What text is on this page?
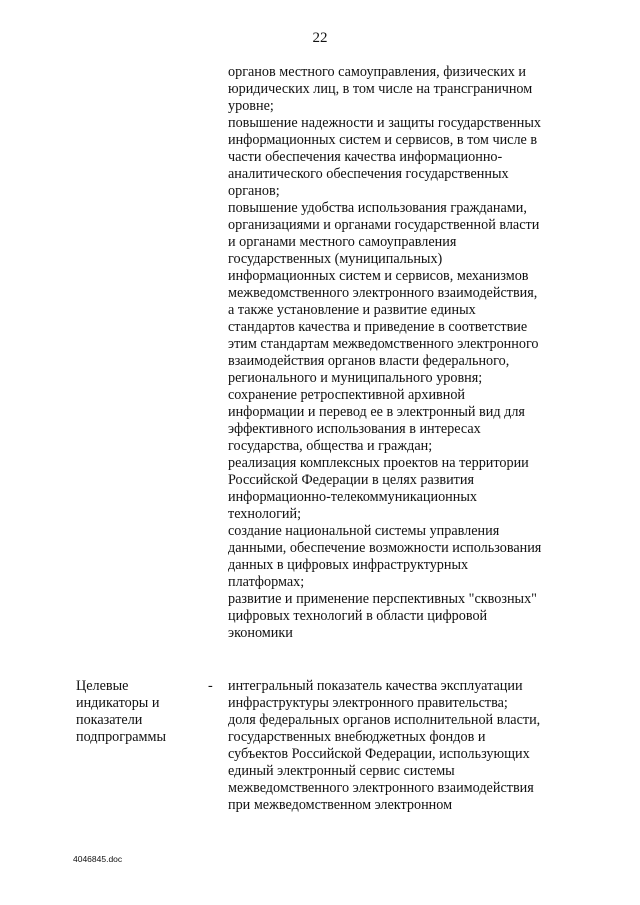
22
органов местного самоуправления, физических и
юридических лиц, в том числе на трансграничном
уровне;
повышение надежности и защиты государственных
информационных систем и сервисов, в том числе в
части обеспечения качества информационно-
аналитического обеспечения государственных
органов;
повышение удобства использования гражданами,
организациями и органами государственной власти
и органами местного самоуправления
государственных (муниципальных)
информационных систем и сервисов, механизмов
межведомственного электронного взаимодействия,
а также установление и развитие единых
стандартов качества и приведение в соответствие
этим стандартам межведомственного электронного
взаимодействия органов власти федерального,
регионального и муниципального уровня;
сохранение ретроспективной архивной
информации и перевод ее в электронный вид для
эффективного использования в интересах
государства, общества и граждан;
реализация комплексных проектов на территории
Российской Федерации в целях развития
информационно-телекоммуникационных
технологий;
создание национальной системы управления
данными, обеспечение возможности использования
данных в цифровых инфраструктурных
платформах;
развитие и применение перспективных "сквозных"
цифровых технологий в области цифровой
экономики
Целевые
индикаторы и
показатели
подпрограммы
- интегральный показатель качества эксплуатации
инфраструктуры электронного правительства;
доля федеральных органов исполнительной власти,
государственных внебюджетных фондов и
субъектов Российской Федерации, использующих
единый электронный сервис системы
межведомственного электронного взаимодействия
при межведомственном электронном
4046845.doc
